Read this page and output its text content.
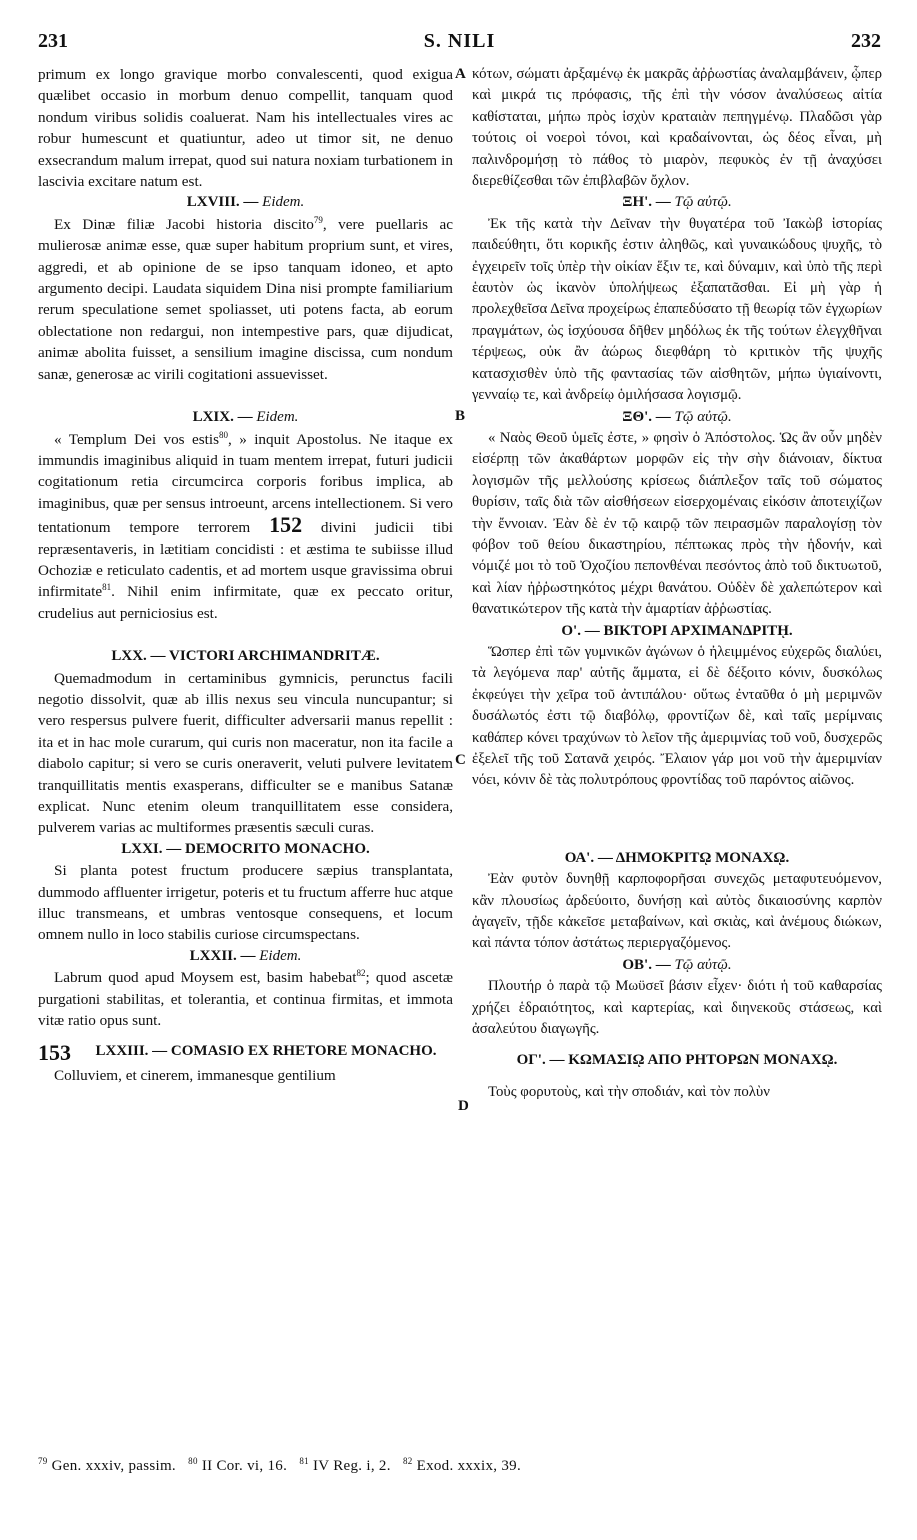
231	S. NILI	232

primum ex longo gravique morbo convalescenti, quod exigua quælibet occasio in morbum denuo compellit, tanquam quod nondum viribus solidis coaluerat. Nam his intellectuales vires ac robur humescunt et quatiuntur, adeo ut timor sit, ne denuo exsecrandum malum irrepat, quod sui natura noxiam turbationem in lascivia excitare natum est.

LXVIII. — Eidem.

Ex Dinæ filiæ Jacobi historia discito$^{79}$, vere puellaris ac mulierosæ animæ esse, quæ super habitum proprium sunt, et vires, aggredi, et ab opinione de se ipso tanquam idoneo, et apto argumento decipi. Laudata siquidem Dina nisi prompte familiarium rerum speculatione semet spoliasset, uti potens facta, ab eorum oblectatione non redargui, non intempestive pars, quæ dijudicat, animæ abolita fuisset, a sensilium imagine discissa, cum nondum sanæ, generosæ ac virili cogitationi assuevisset.

LXIX. — Eidem.

« Templum Dei vos estis$^{80}$, » inquit Apostolus. Ne itaque ex immundis imaginibus aliquid in tuam mentem irrepat, futuri judicii cogitationum retia circumcirca corporis foribus implica, ab imaginibus, quæ per sensus introeunt, arcens intellectionem. Si vero tentationum tempore terrorem 152 divini judicii tibi repræsentaveris, in lætitiam concidisti : et æstima te subiisse illud Ochoziæ e reticulato cadentis, et ad mortem usque gravissima obrui infirmitate$^{81}$. Nihil enim infirmitate, quæ ex peccato oritur, crudelius aut perniciosius est.

LXX. — VICTORI ARCHIMANDRITÆ.

Quemadmodum in certaminibus gymnicis, perunctus facili negotio dissolvit, quæ ab illis nexus seu vincula nuncupantur; si vero respersus pulvere fuerit, difficulter adversarii manus repellit : ita et in hac mole curarum, qui curis non maceratur, non ita facile a diabolo capitur; si vero se curis oneraverit, veluti pulvere levitatem tranquillitatis mentis exasperans, difficulter se e manibus Satanæ explicat. Nunc etenim oleum tranquillitatem esse considera, pulverem varias ac multiformes præsentis sæculi curas.

LXXI. — DEMOCRITO MONACHO.

Si planta potest fructum producere sæpius transplantata, dummodo affluenter irrigetur, poteris et tu fructum afferre huc atque illuc transmeans, et umbras ventosque consequens, et locum omnem nullo in loco stabilis curiose circumspectans.

LXXII. — Eidem.

Labrum quod apud Moysem est, basim habebat$^{82}$; quod ascetæ purgationi stabilitas, et tolerantia, et continua firmitas, et immota vitæ ratio opus sunt.

153	LXXIII. — COMASIO EX RHETORE MONACHO.

Colluviem, et cinerem, immanesque gentilium

A
B
C
D

κότων, σώματι ἀρξαμένῳ ἐκ μακρᾶς ἀῤῥωστίας ἀναλαμβάνειν, ᾧπερ καὶ μικρά τις πρόφασις, τῆς ἐπὶ τὴν νόσον ἀναλύσεως αἰτία καθίσταται, μήπω πρὸς ἰσχὺν κραταιὰν πεπηγμένῳ. Πλαδῶσι γὰρ τούτοις οἱ νοεροὶ τόνοι, καὶ κραδαίνονται, ὡς δέος εἶναι, μὴ παλινδρομήσῃ τὸ πάθος τὸ μιαρὸν, πεφυκὸς ἐν τῇ ἀναχύσει διερεθίζεσθαι τῶν ἐπιβλαβῶν ὄχλον.

ΞΗ'. — Τῷ αὐτῷ.

Ἐκ τῆς κατὰ τὴν Δεῖναν τὴν θυγατέρα τοῦ Ἰακὼβ ἱστορίας παιδεύθητι, ὅτι κορικῆς ἐστιν ἀληθῶς, καὶ γυναικώδους ψυχῆς, τὸ ἐγχειρεῖν τοῖς ὑπὲρ τὴν οἰκίαν ἕξιν τε, καὶ δύναμιν, καὶ ὑπὸ τῆς περὶ ἑαυτὸν ὡς ἱκανὸν ὑπολήψεως ἐξαπατᾶσθαι. Εἰ μὴ γὰρ ἡ προλεχθεῖσα Δεῖνα προχείρως ἐπαπεδύσατο τῇ θεωρίᾳ τῶν ἐγχωρίων πραγμάτων, ὡς ἰσχύουσα δῆθεν μηδόλως ἐκ τῆς τούτων ἐλεγχθῆναι τέρψεως, οὐκ ἂν ἀώρως διεφθάρη τὸ κριτικὸν τῆς ψυχῆς κατασχισθὲν ὑπὸ τῆς φαντασίας τῶν αἰσθητῶν, μήπω ὑγιαίνοντι, γενναίῳ τε, καὶ ἀνδρείῳ ὁμιλήσασα λογισμῷ.

ΞΘ'. — Τῷ αὐτῷ.

« Ναὸς Θεοῦ ὑμεῖς ἐστε, » φησὶν ὁ Ἀπόστολος. Ὡς ἂν οὖν μηδὲν εἰσέρπῃ τῶν ἀκαθάρτων μορφῶν εἰς τὴν σὴν διάνοιαν, δίκτυα λογισμῶν τῆς μελλούσης κρίσεως διάπλεξον ταῖς τοῦ σώματος θυρίσιν, ταῖς διὰ τῶν αἰσθήσεων εἰσερχομέναις εἰκόσιν ἀποτειχίζων τὴν ἔννοιαν. Ἐὰν δὲ ἐν τῷ καιρῷ τῶν πειρασμῶν παραλογίσῃ τὸν φόβον τοῦ θείου δικαστηρίου, πέπτωκας πρὸς τὴν ἡδονήν, καὶ νόμιζέ μοι τὸ τοῦ Ὀχοζίου πεπονθέναι πεσόντος ἀπὸ τοῦ δικτυωτοῦ, καὶ λίαν ἠῤῥωστηκότος μέχρι θανάτου. Οὐδὲν δὲ χαλεπώτερον καὶ θανατικώτερον τῆς κατὰ τὴν ἁμαρτίαν ἀῤῥωστίας.

Ο'. — ΒΙΚΤΟΡΙ ΑΡΧΙΜΑΝΔΡΙΤῌ.

Ὥσπερ ἐπὶ τῶν γυμνικῶν ἀγώνων ὁ ἠλειμμένος εὐχερῶς διαλύει, τὰ λεγόμενα παρ' αὐτῆς ἅμματα, εἰ δὲ δέξοιτο κόνιν, δυσκόλως ἐκφεύγει τὴν χεῖρα τοῦ ἀντιπάλου· οὕτως ἐνταῦθα ὁ μὴ μεριμνῶν δυσάλωτός ἐστι τῷ διαβόλῳ, φροντίζων δὲ, καὶ ταῖς μερίμναις καθάπερ κόνει τραχύνων τὸ λεῖον τῆς ἀμεριμνίας τοῦ νοῦ, δυσχερῶς ἐξελεῖ τῆς τοῦ Σατανᾶ χειρός. Ἔλαιον γάρ μοι νοῦ τὴν ἀμεριμνίαν νόει, κόνιν δὲ τὰς πολυτρόπους φροντίδας τοῦ παρόντος αἰῶνος.

ΟΑ'. — ΔΗΜΟΚΡΙΤῼ ΜΟΝΑΧῼ.

Ἐὰν φυτὸν δυνηθῇ καρποφορῆσαι συνεχῶς μεταφυτευόμενον, κἂν πλουσίως ἀρδεύοιτο, δυνήσῃ καὶ αὐτὸς δικαιοσύνης καρπὸν ἀγαγεῖν, τῇδε κἀκεῖσε μεταβαίνων, καὶ σκιὰς, καὶ ἀνέμους διώκων, καὶ πάντα τόπον ἀστάτως περιεργαζόμενος.

ΟΒ'. — Τῷ αὐτῷ.

Πλουτήρ ὁ παρὰ τῷ Μωϋσεῖ βάσιν εἶχεν· διότι ἡ τοῦ καθαρσίας χρήζει ἑδραιότητος, καὶ καρτερίας, καὶ διηνεκοῦς στάσεως, καὶ ἀσαλεύτου διαγωγῆς.

ΟΓ'. — ΚΩΜΑΣΙῼ ΑΠΟ ΡΗΤΟΡΩΝ ΜΟΝΑΧῼ.

Τοὺς φορυτοὺς, καὶ τὴν σποδιάν, καὶ τὸν πολὺν

$^{79}$ Gen. xxxiv, passim. $^{80}$ II Cor. vi, 16. $^{81}$ IV Reg. i, 2. $^{82}$ Exod. xxxix, 39.
